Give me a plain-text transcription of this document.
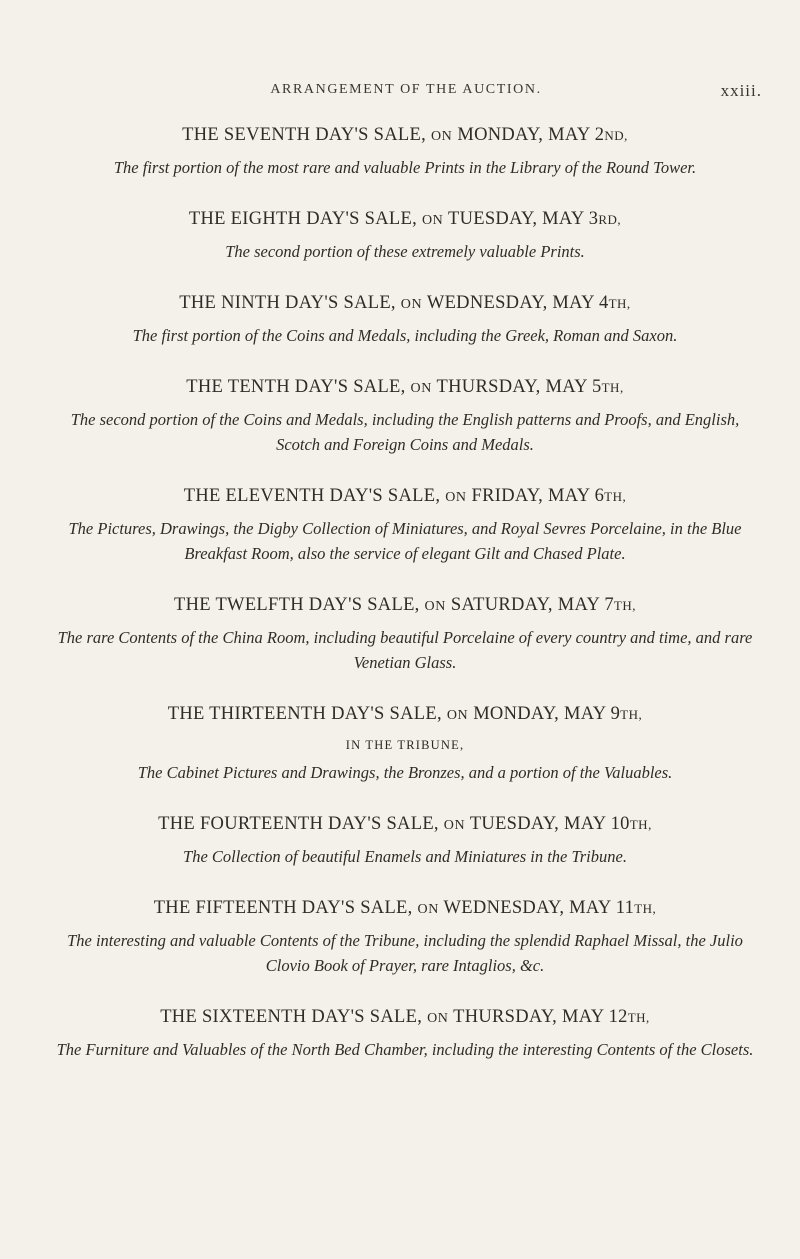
ARRANGEMENT OF THE AUCTION.	xxiii.
THE SEVENTH DAY'S SALE, ON MONDAY, MAY 2ND,
The first portion of the most rare and valuable Prints in the Library of the Round Tower.
THE EIGHTH DAY'S SALE, ON TUESDAY, MAY 3RD,
The second portion of these extremely valuable Prints.
THE NINTH DAY'S SALE, ON WEDNESDAY, MAY 4TH,
The first portion of the Coins and Medals, including the Greek, Roman and Saxon.
THE TENTH DAY'S SALE, ON THURSDAY, MAY 5TH,
The second portion of the Coins and Medals, including the English patterns and Proofs, and English, Scotch and Foreign Coins and Medals.
THE ELEVENTH DAY'S SALE, ON FRIDAY, MAY 6TH,
The Pictures, Drawings, the Digby Collection of Miniatures, and Royal Sevres Porcelaine, in the Blue Breakfast Room, also the service of elegant Gilt and Chased Plate.
THE TWELFTH DAY'S SALE, ON SATURDAY, MAY 7TH,
The rare Contents of the China Room, including beautiful Porcelaine of every country and time, and rare Venetian Glass.
THE THIRTEENTH DAY'S SALE, ON MONDAY, MAY 9TH,
IN THE TRIBUNE,
The Cabinet Pictures and Drawings, the Bronzes, and a portion of the Valuables.
THE FOURTEENTH DAY'S SALE, ON TUESDAY, MAY 10TH,
The Collection of beautiful Enamels and Miniatures in the Tribune.
THE FIFTEENTH DAY'S SALE, ON WEDNESDAY, MAY 11TH,
The interesting and valuable Contents of the Tribune, including the splendid Raphael Missal, the Julio Clovio Book of Prayer, rare Intaglios, &c.
THE SIXTEENTH DAY'S SALE, ON THURSDAY, MAY 12TH,
The Furniture and Valuables of the North Bed Chamber, including the interesting Contents of the Closets.
